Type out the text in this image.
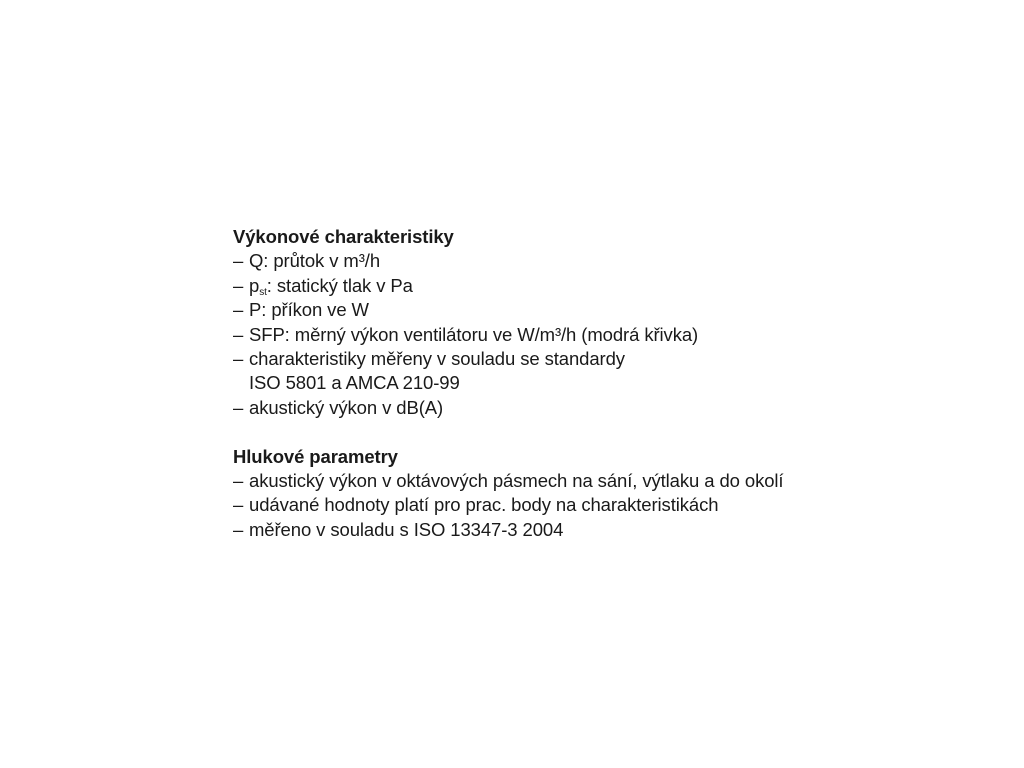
Výkonové charakteristiky

– Q: průtok v m³/h
– $p_{st}$: statický tlak v Pa
– P: příkon ve W
– SFP: měrný výkon ventilátoru ve W/m³/h (modrá křivka)
– charakteristiky měřeny v souladu se standardy
ISO 5801 a AMCA 210-99
– akustický výkon v dB(A)

Hlukové parametry

– akustický výkon v oktávových pásmech na sání, výtlaku a do okolí
– udávané hodnoty platí pro prac. body na charakteristikách
– měřeno v souladu s ISO 13347-3 2004
